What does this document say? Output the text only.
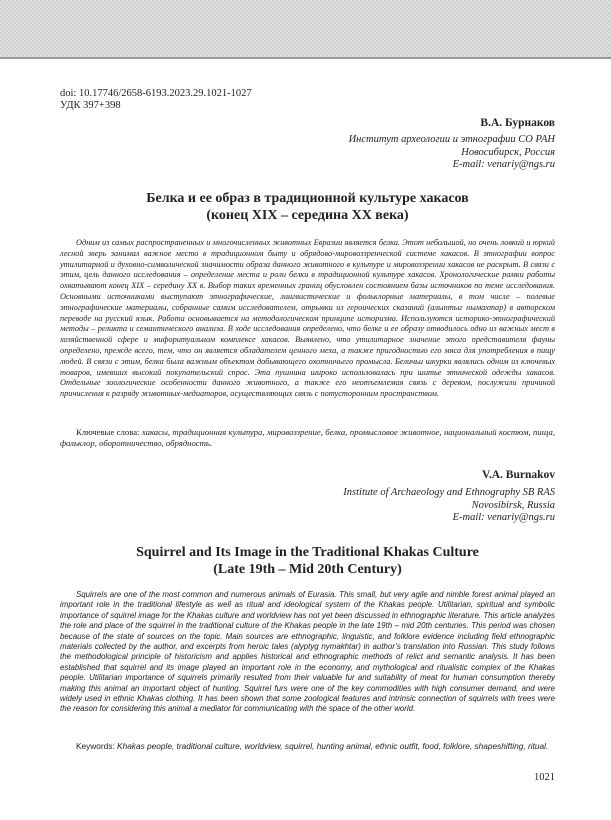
doi: 10.17746/2658-6193.2023.29.1021-1027
УДК 397+398
В.А. Бурнаков
Институт археологии и этнографии СО РАН
Новосибирск, Россия
E-mail: venariy@ngs.ru
Белка и ее образ в традиционной культуре хакасов
(конец XIX – середина ХХ века)
Одним из самых распространенных и многочисленных животных Евразии является белка. Этот небольшой, но очень ловкий и юркий лесной зверь занимал важное место в традиционном быту и обрядово-мировоззренческой системе хакасов. В этнографии вопрос утилитарной и духовно-символической значимости образа данного животного в культуре и мировоззрении хакасов не раскрыт. В связи с этим, цель данного исследования – определение места и роли белки в традиционной культуре хакасов. Хронологические рамки работы охватывают конец XIX – середину ХХ в. Выбор таких временных границ обусловлен состоянием базы источников по теме исследования. Основными источниками выступают этнографические, лингвистические и фольклорные материалы, в том числе – полевые этнографические материалы, собранные самим исследователем, отрывки из героических сказаний (алыптыг нымахтар) в авторском переводе на русский язык. Работа основывается на методологическом принципе историзма. Используются историко-этнографический методы – реликта и семантического анализа. В ходе исследования определено, что белке и ее образу отводилось одно из важных мест в хозяйственной сфере и мифоритуальном комплексе хакасов. Выявлено, что утилитарное значение этого представителя фауны определено, прежде всего, тем, что он является обладателем ценного меха, а также пригодностью его мяса для употребления в пищу людей. В связи с этим, белка была важным объектом добывающего охотничьего промысла. Беличьи шкурки являлись одним из ключевых товаров, имевших высокий покупательский спрос. Эта пушнина широко использовалась при шитье этнической одежды хакасов. Отдельные зоологические особенности данного животного, а также его неотъемлемая связь с деревом, послужили причиной причисления к разряду животных-медиаторов, осуществляющих связь с потусторонним пространством.
Ключевые слова: хакасы, традиционная культура, мировоззрение, белка, промысловое животное, национальный костюм, пища, фольклор, оборотничество, обрядность.
V.A. Burnakov
Institute of Archaeology and Ethnography SB RAS
Novosibirsk, Russia
E-mail: venariy@ngs.ru
Squirrel and Its Image in the Traditional Khakas Culture
(Late 19th – Mid 20th Century)
Squirrels are one of the most common and numerous animals of Eurasia. This small, but very agile and nimble forest animal played an important role in the traditional lifestyle as well as ritual and ideological system of the Khakas people. Utilitarian, spiritual and symbolic importance of squirrel image for the Khakas culture and worldview has not yet been discussed in ethnographic literature. This article analyzes the role and place of the squirrel in the traditional culture of the Khakas people in the late 19th – mid 20th centuries. This period was chosen because of the state of sources on the topic. Main sources are ethnographic, linguistic, and folklore evidence including field ethnographic materials collected by the author, and excerpts from heroic tales (alyptyg nymakhtar) in author’s translation into Russian. This study follows the methodological principle of historicism and applies historical and ethnographic methods of relict and semantic analysis. It has been established that squirrel and its image played an important role in the economy, and mythological and ritualistic complex of the Khakas people. Utilitarian importance of squirrels primarily resulted from their valuable fur and suitability of meat for human consumption thereby making this animal an important object of hunting. Squirrel furs were one of the key commodities with high consumer demand, and were widely used in ethnic Khakas clothing. It has been shown that some zoological features and intrinsic connection of squirrels with trees were the reason for considering this animal a mediator for communicating with the space of the other world.
Keywords: Khakas people, traditional culture, worldview, squirrel, hunting animal, ethnic outfit, food, folklore, shapeshifting, ritual.
1021
